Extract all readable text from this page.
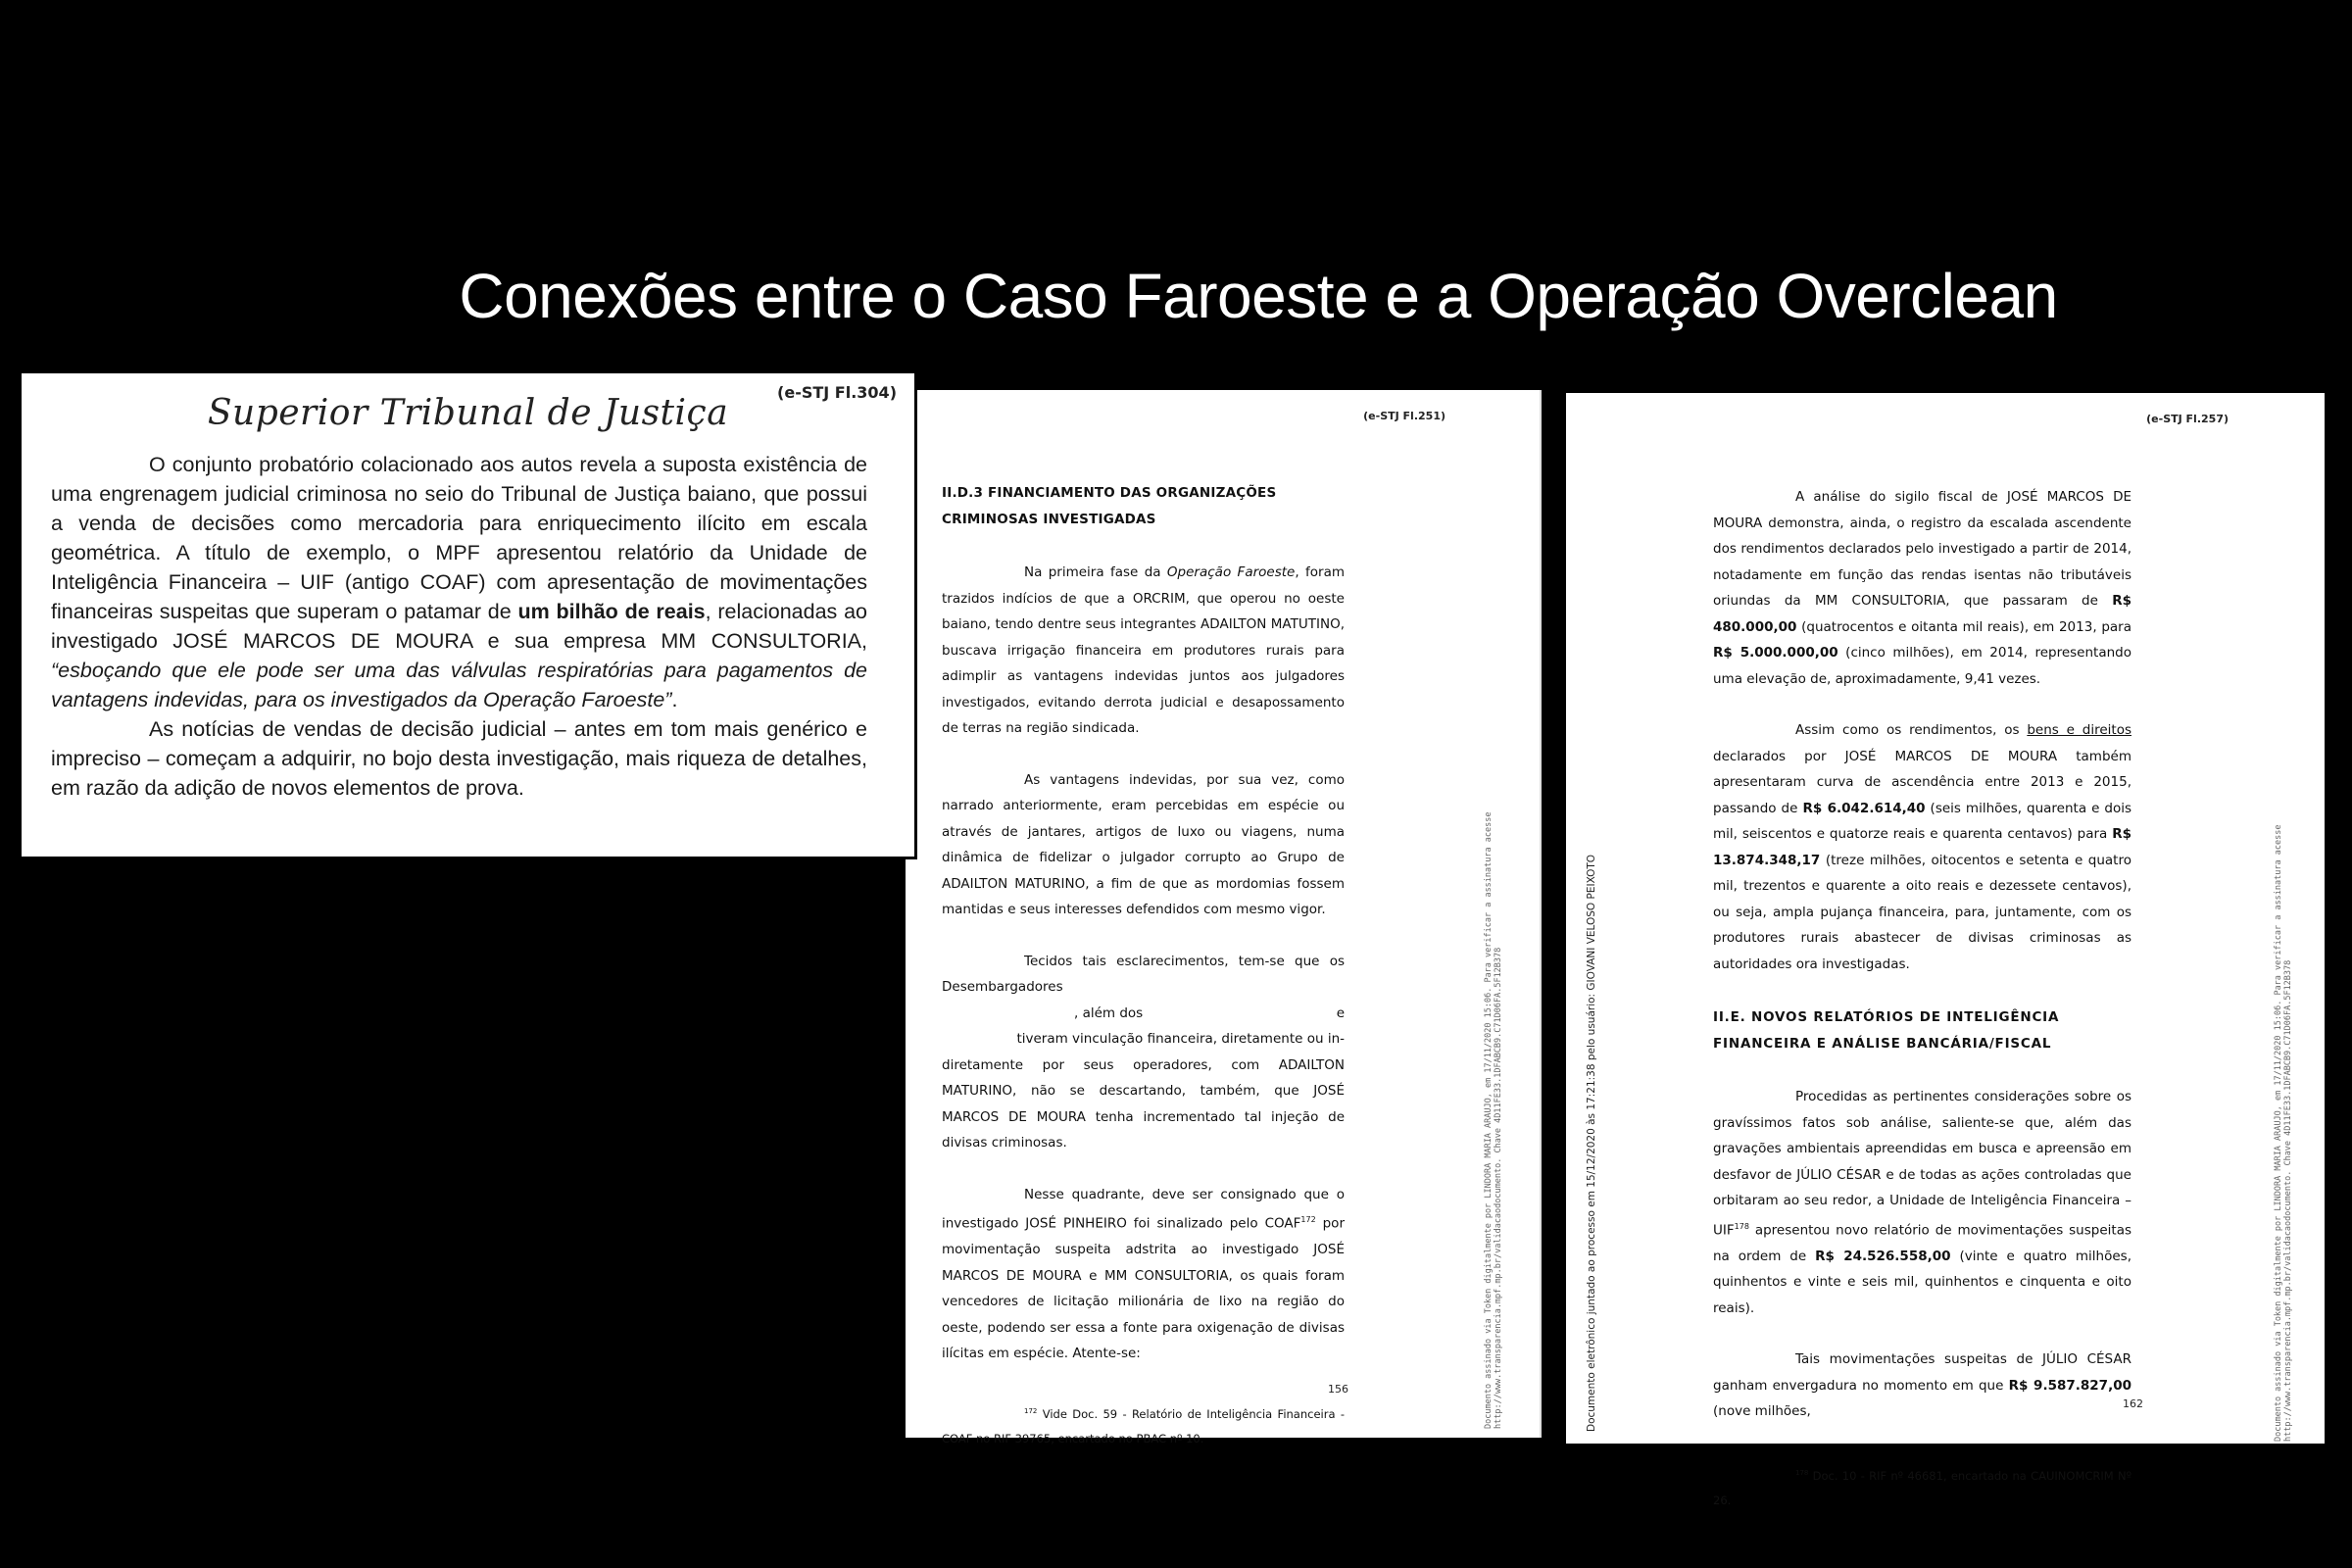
Conexões entre o Caso Faroeste e a Operação Overclean
(e-STJ Fl.304)
Superior Tribunal de Justiça

O conjunto probatório colacionado aos autos revela a suposta existência de uma engrenagem judicial criminosa no seio do Tribunal de Justiça baiano, que possui a venda de decisões como mercadoria para enriquecimento ilícito em escala geométrica. A título de exemplo, o MPF apresentou relatório da Unidade de Inteligência Financeira – UIF (antigo COAF) com apresentação de movimentações financeiras suspeitas que superam o patamar de um bilhão de reais, relacionadas ao investigado JOSÉ MARCOS DE MOURA e sua empresa MM CONSULTORIA, “esboçando que ele pode ser uma das válvulas respiratórias para pagamentos de vantagens indevidas, para os investigados da Operação Faroeste”.

As notícias de vendas de decisão judicial – antes em tom mais genérico e impreciso – começam a adquirir, no bojo desta investigação, mais riqueza de detalhes, em razão da adição de novos elementos de prova.

(e-STJ Fl.251)
II.D.3 FINANCIAMENTO DAS ORGANIZAÇÕES CRIMINOSAS INVESTIGADAS

Na primeira fase da Operação Faroeste, foram trazidos indícios de que a ORCRIM, que operou no oeste baiano, tendo dentre seus integrantes ADAILTON MATUTINO, buscava irrigação financeira em produtores rurais para adimplir as vantagens indevidas juntos aos julgadores investigados, evitando derrota judicial e desapossamento de terras na região sindicada.

As vantagens indevidas, por sua vez, como narrado anteriormente, eram percebidas em espécie ou através de jantares, artigos de luxo ou viagens, numa dinâmica de fidelizar o julgador corrupto ao Grupo de ADAILTON MATURINO, a fim de que as mordomias fossem mantidas e seus interesses defendidos com mesmo vigor.

Tecidos tais esclarecimentos, tem-se que os Desembargadores

, além dos	e
tiveram vinculação financeira, diretamente ou in-

diretamente por seus operadores, com ADAILTON MATURINO, não se descartando, também, que JOSÉ MARCOS DE MOURA tenha incrementado tal injeção de divisas criminosas.

Nesse quadrante, deve ser consignado que o investigado JOSÉ PINHEIRO foi sinalizado pelo COAF$^{172}$ por movimentação suspeita adstrita ao investigado JOSÉ MARCOS DE MOURA e MM CONSULTORIA, os quais foram vencedores de licitação milionária de lixo na região do oeste, podendo ser essa a fonte para oxigenação de divisas ilícitas em espécie. Atente-se:

$^{172}$ Vide Doc. 59 - Relatório de Inteligência Financeira - COAF no RIF 39765, encartado no PBAC nº 10.

156	Documento assinado via Token digitalmente por LINDORA MARIA ARAUJO, em 17/11/2020 15:06. Para verificar a assinatura acesse
http://www.transparencia.mpf.mp.br/validacaodocumento. Chave 4D11FE33.1DFABCB9.C71D06FA.5F12B378
(e-STJ Fl.257)
Documento eletrônico juntado ao processo em 15/12/2020 às 17:21:38 pelo usuário: GIOVANI VELOSO PEIXOTO

A análise do sigilo fiscal de JOSÉ MARCOS DE MOURA demonstra, ainda, o registro da escalada ascendente dos rendimentos declarados pelo investigado a partir de 2014, notadamente em função das rendas isentas não tributáveis oriundas da MM CONSULTORIA, que passaram de R$ 480.000,00 (quatrocentos e oitanta mil reais), em 2013, para R$ 5.000.000,00 (cinco milhões), em 2014, representando uma elevação de, aproximadamente, 9,41 vezes.

Assim como os rendimentos, os bens e direitos declarados por JOSÉ MARCOS DE MOURA também apresentaram curva de ascendência entre 2013 e 2015, passando de R$ 6.042.614,40 (seis milhões, quarenta e dois mil, seiscentos e quatorze reais e quarenta centavos) para R$ 13.874.348,17 (treze milhões, oitocentos e setenta e quatro mil, trezentos e quarente a oito reais e dezessete centavos), ou seja, ampla pujança financeira, para, juntamente, com os produtores rurais abastecer de divisas criminosas as autoridades ora investigadas.

II.E. NOVOS RELATÓRIOS DE INTELIGÊNCIA FINANCEIRA E ANÁLISE BANCÁRIA/FISCAL

Procedidas as pertinentes considerações sobre os gravíssimos fatos sob análise, saliente-se que, além das gravações ambientais apreendidas em busca e apreensão em desfavor de JÚLIO CÉSAR e de todas as ações controladas que orbitaram ao seu redor, a Unidade de Inteligência Financeira – UIF$^{178}$ apresentou novo relatório de movimentações suspeitas na ordem de R$ 24.526.558,00 (vinte e quatro milhões, quinhentos e vinte e seis mil, quinhentos e cinquenta e oito reais).

Tais movimentações suspeitas de JÚLIO CÉSAR ganham envergadura no momento em que R$ 9.587.827,00 (nove milhões,

$^{178}$ Doc. 10 - RIF nº 46681, encartado na CAUINOMCRIM Nº 26.

162	Documento assinado via Token digitalmente por LINDORA MARIA ARAUJO, em 17/11/2020 15:06. Para verificar a assinatura acesse
http://www.transparencia.mpf.mp.br/validacaodocumento. Chave 4D11FE33.1DFABCB9.C71D06FA.5F12B378
